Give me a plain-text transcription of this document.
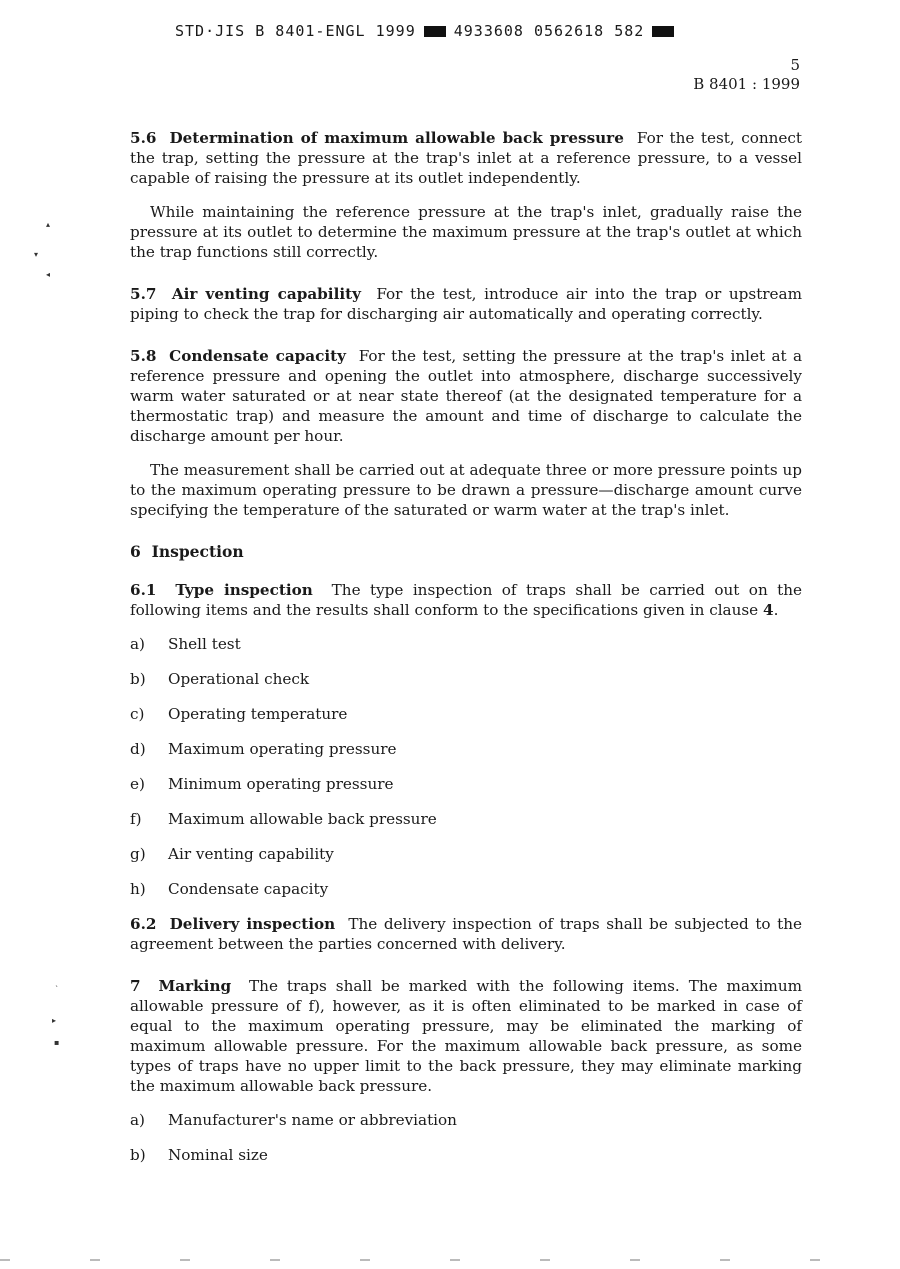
STD·JIS B 8401-ENGL 1999	4933608 0562618 582
5
B 8401 : 1999
▴
▾
◂
ˋ
▸
▪

5.6 Determination of maximum allowable back pressure For the test, connect the trap, setting the pressure at the trap's inlet at a reference pressure, to a vessel capable of raising the pressure at its outlet independently.

While maintaining the reference pressure at the trap's inlet, gradually raise the pressure at its outlet to determine the maximum pressure at the trap's outlet at which the trap functions still correctly.

5.7 Air venting capability For the test, introduce air into the trap or upstream piping to check the trap for discharging air automatically and operating correctly.

5.8 Condensate capacity For the test, setting the pressure at the trap's inlet at a reference pressure and opening the outlet into atmosphere, discharge successively warm water saturated or at near state thereof (at the designated temperature for a thermostatic trap) and measure the amount and time of discharge to calculate the discharge amount per hour.

The measurement shall be carried out at adequate three or more pressure points up to the maximum operating pressure to be drawn a pressure—discharge amount curve specifying the temperature of the saturated or warm water at the trap's inlet.

6 Inspection

6.1 Type inspection The type inspection of traps shall be carried out on the following items and the results shall conform to the specifications given in clause 4.

a)	Shell test
b)	Operational check
c)	Operating temperature
d)	Maximum operating pressure
e)	Minimum operating pressure
f)	Maximum allowable back pressure
g)	Air venting capability
h)	Condensate capacity

6.2 Delivery inspection The delivery inspection of traps shall be subjected to the agreement between the parties concerned with delivery.

7 Marking The traps shall be marked with the following items. The maximum allowable pressure of f), however, as it is often eliminated to be marked in case of equal to the maximum operating pressure, may be eliminated the marking of maximum allowable pressure. For the maximum allowable back pressure, as some types of traps have no upper limit to the back pressure, they may eliminate marking the maximum allowable back pressure.

a)	Manufacturer's name or abbreviation
b)	Nominal size
